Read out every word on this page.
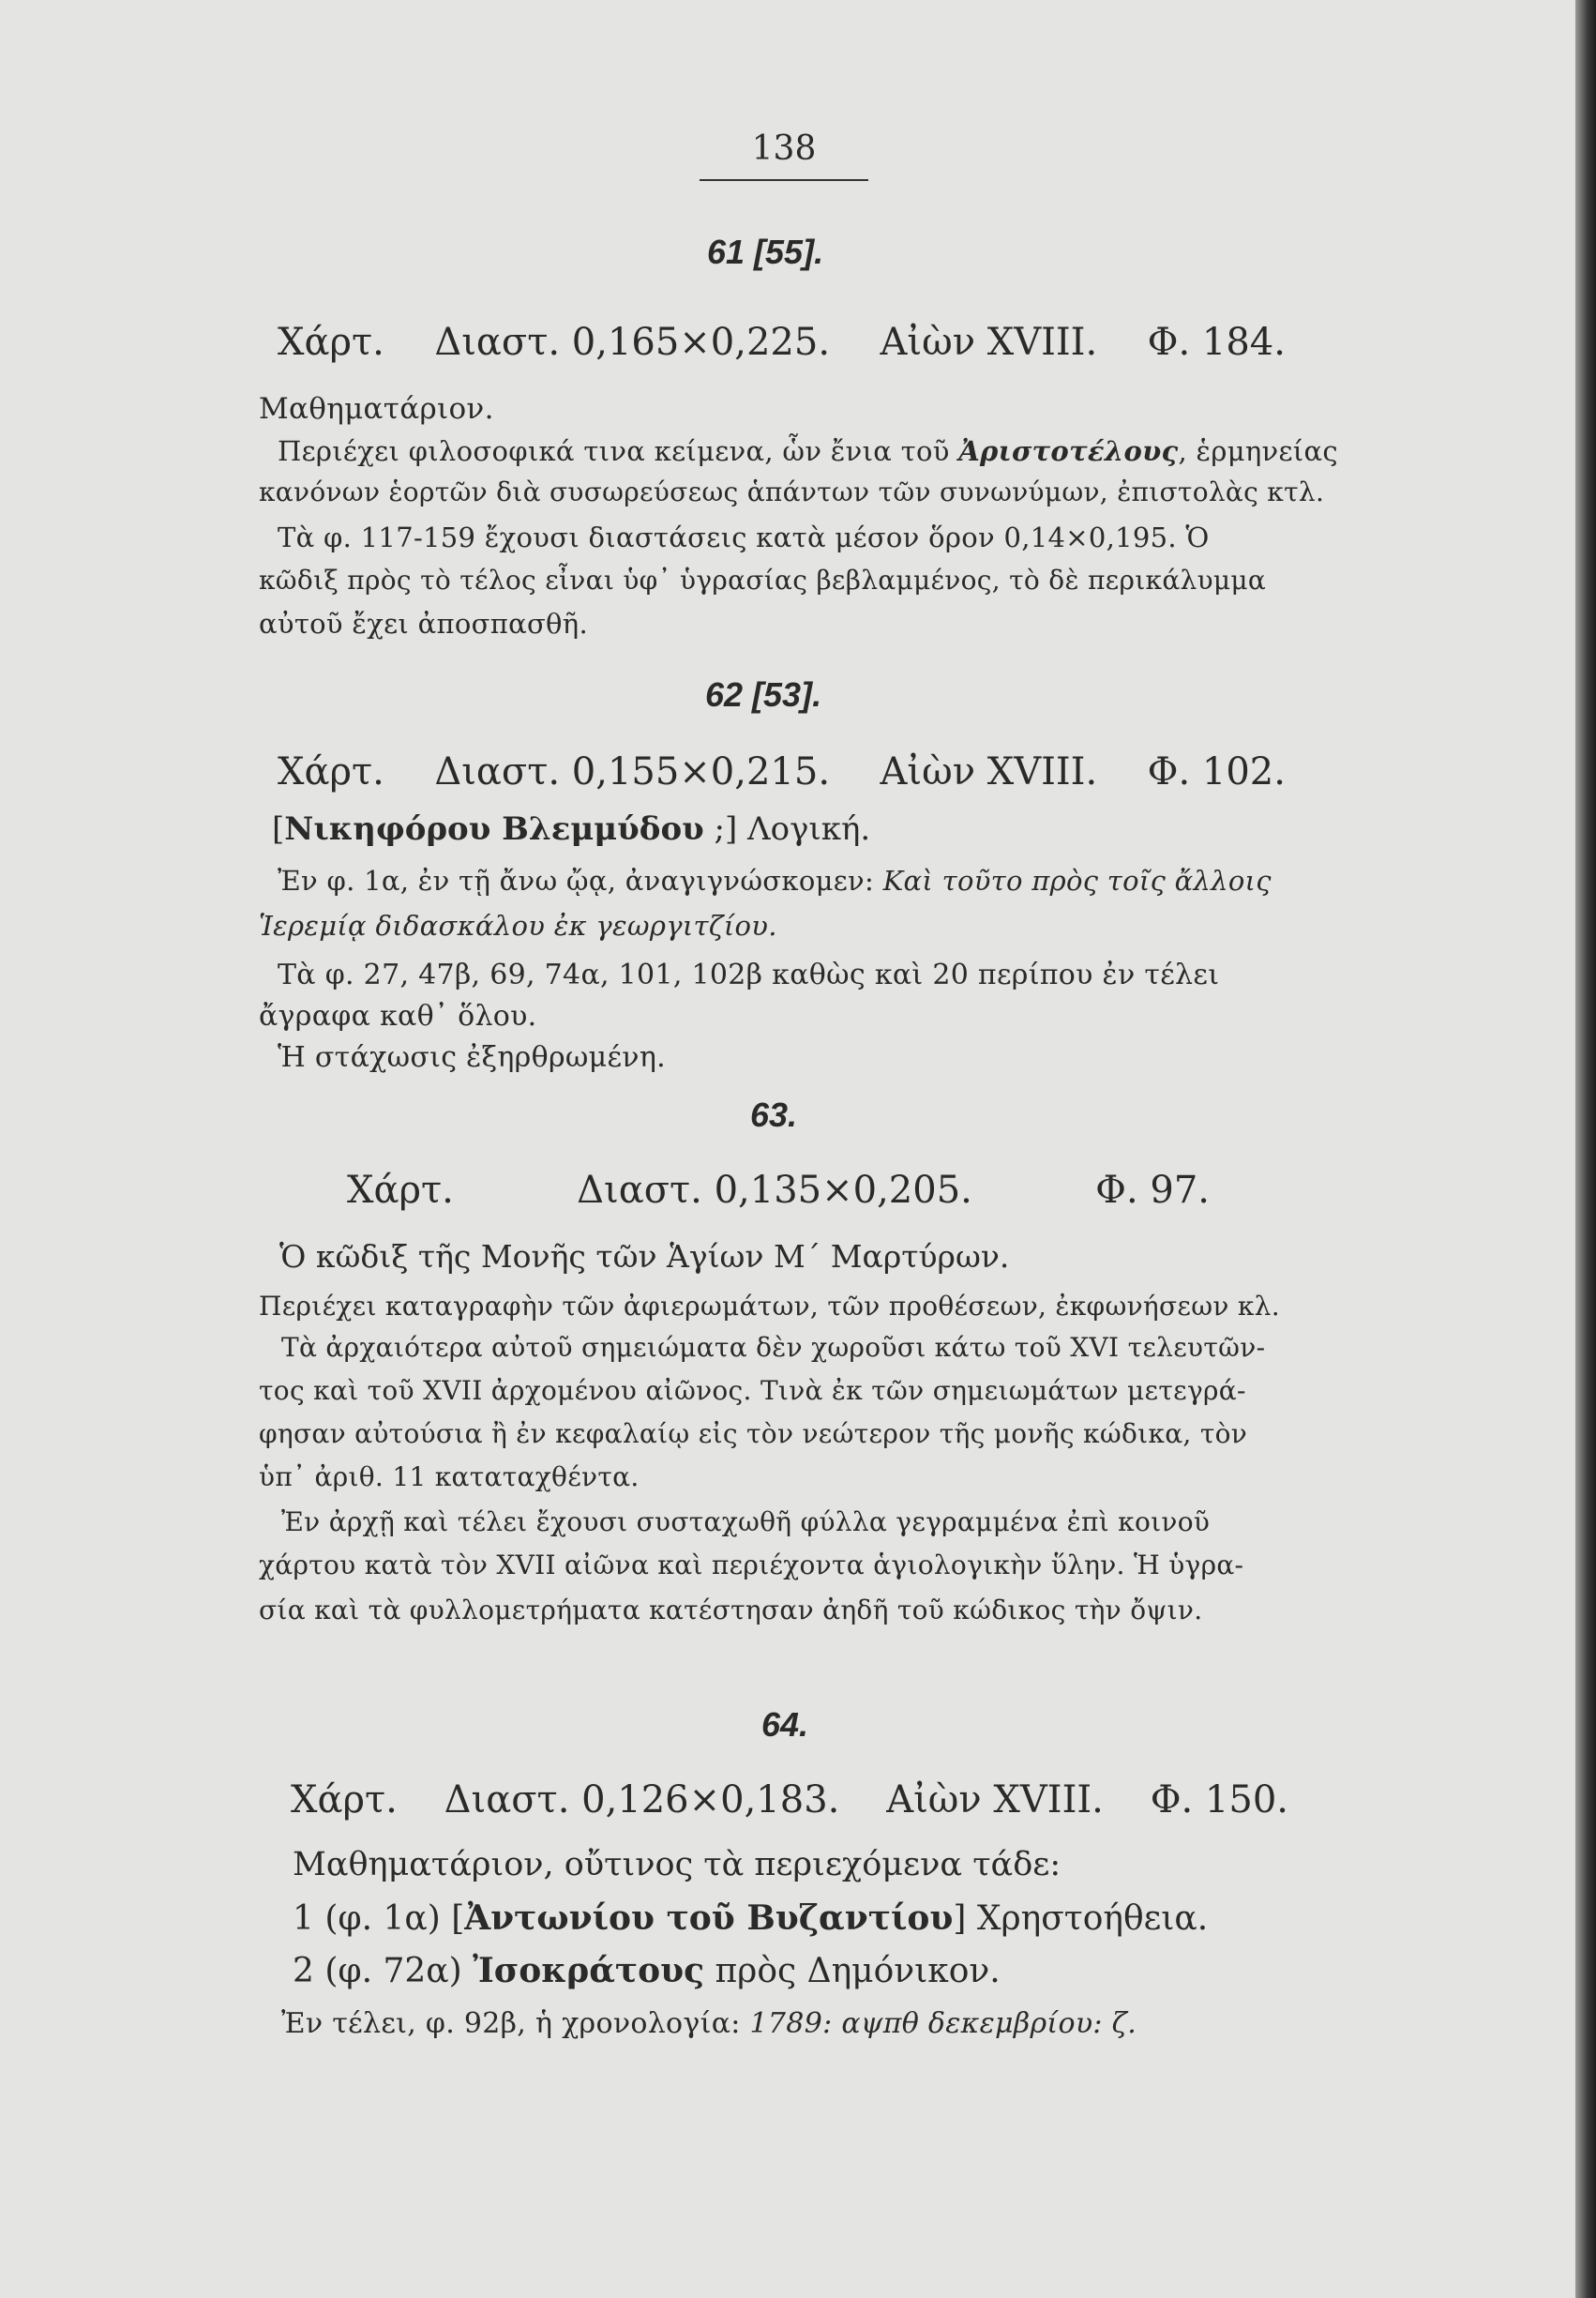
138
61 [55].
Χάρτ. Διαστ. 0,165×0,225. Αἰὼν XVIII. Φ. 184.
Μαθηματάριον.
Περιέχει φιλοσοφικά τινα κείμενα, ὧν ἔνια τοῦ Ἀριστοτέλους, ἑρμηνείας
κανόνων ἑορτῶν διὰ συσωρεύσεως ἁπάντων τῶν συνωνύμων, ἐπιστολὰς κτλ.
Τὰ φ. 117-159 ἔχουσι διαστάσεις κατὰ μέσον ὅρον 0,14×0,195. Ὁ
κῶδιξ πρὸς τὸ τέλος εἶναι ὑφ᾽ ὑγρασίας βεβλαμμένος, τὸ δὲ περικάλυμμα
αὐτοῦ ἔχει ἀποσπασθῆ.
62 [53].
Χάρτ. Διαστ. 0,155×0,215. Αἰὼν XVIII. Φ. 102.
[Νικηφόρου Βλεμμύδου ;] Λογική.
Ἐν φ. 1α, ἐν τῇ ἄνω ᾤᾳ, ἀναγιγνώσκομεν: Καὶ τοῦτο πρὸς τοῖς ἄλλοις
Ἱερεμίᾳ διδασκάλου ἐκ γεωργιτζίου.
Τὰ φ. 27, 47β, 69, 74α, 101, 102β καθὼς καὶ 20 περίπου ἐν τέλει
ἄγραφα καθ᾽ ὅλου.
Ἡ στάχωσις ἐξηρθρωμένη.
63.
Χάρτ.	Διαστ. 0,135×0,205.	Φ. 97.
Ὁ κῶδιξ τῆς Μονῆς τῶν Ἁγίων Μ΄ Μαρτύρων.
Περιέχει καταγραφὴν τῶν ἀφιερωμάτων, τῶν προθέσεων, ἐκφωνήσεων κλ.
Τὰ ἀρχαιότερα αὐτοῦ σημειώματα δὲν χωροῦσι κάτω τοῦ XVI τελευτῶν-
τος καὶ τοῦ XVII ἀρχομένου αἰῶνος. Τινὰ ἐκ τῶν σημειωμάτων μετεγρά-
φησαν αὐτούσια ἢ ἐν κεφαλαίῳ εἰς τὸν νεώτερον τῆς μονῆς κώδικα, τὸν
ὑπ᾽ ἀριθ. 11 καταταχθέντα.
Ἐν ἀρχῇ καὶ τέλει ἔχουσι συσταχωθῆ φύλλα γεγραμμένα ἐπὶ κοινοῦ
χάρτου κατὰ τὸν XVII αἰῶνα καὶ περιέχοντα ἁγιολογικὴν ὕλην. Ἡ ὑγρα-
σία καὶ τὰ φυλλομετρήματα κατέστησαν ἀηδῆ τοῦ κώδικος τὴν ὄψιν.
64.
Χάρτ. Διαστ. 0,126×0,183. Αἰὼν XVIII. Φ. 150.
Μαθηματάριον, οὔτινος τὰ περιεχόμενα τάδε:
1 (φ. 1α) [Ἀντωνίου τοῦ Βυζαντίου] Χρηστοήθεια.
2 (φ. 72α) Ἰσοκράτους πρὸς Δημόνικον.
Ἐν τέλει, φ. 92β, ἡ χρονολογία: 1789: αψπθ δεκεμβρίου: ζ.
